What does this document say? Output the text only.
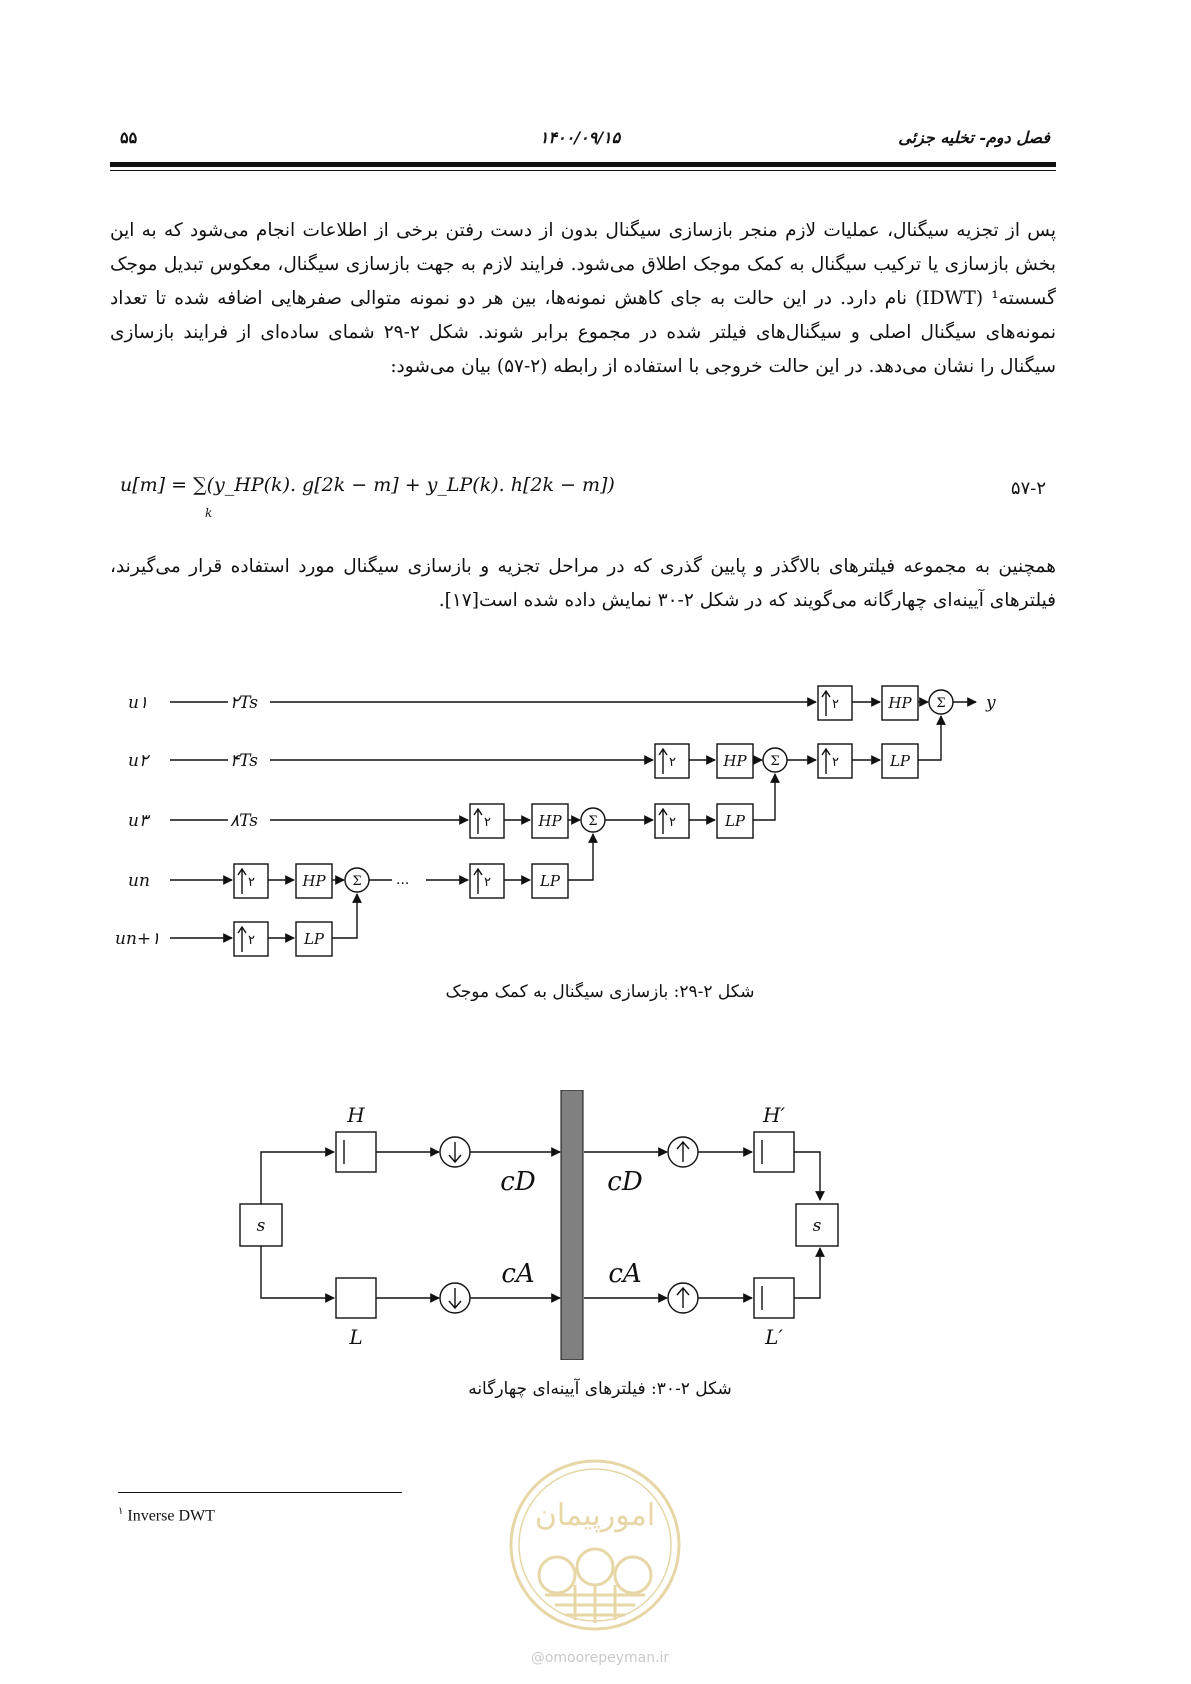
فصل دوم- تخلیه جزئی
۱۴۰۰/۰۹/۱۵
۵۵
پس از تجزیه سیگنال، عملیات لازم منجر بازسازی سیگنال بدون از دست رفتن برخی از اطلاعات انجام می‌شود که به این بخش بازسازی یا ترکیب سیگنال به کمک موجک اطلاق می‌شود. فرایند لازم به جهت بازسازی سیگنال، معکوس تبدیل موجک گسسته¹ (IDWT) نام دارد. در این حالت به جای کاهش نمونه‌ها، بین هر دو نمونه متوالی صفرهایی اضافه شده تا تعداد نمونه‌های سیگنال اصلی و سیگنال‌های فیلتر شده در مجموع برابر شوند. شکل ۲-۲۹ شمای ساده‌ای از فرایند بازسازی سیگنال را نشان می‌دهد. در این حالت خروجی با استفاده از رابطه (۲-۵۷) بیان می‌شود:
u[m] = ∑(y_HP(k). g[2k − m] + y_LP(k). h[2k − m])
k
۵۷-۲
همچنین به مجموعه فیلترهای بالاگذر و پایین گذری که در مراحل تجزیه و بازسازی سیگنال مورد استفاده قرار می‌گیرند، فیلترهای آیینه‌ای چهارگانه می‌گویند که در شکل ۲-۳۰ نمایش داده شده است[۱۷].
u۱
u۲
u۳
un
un+۱
۲Ts
۴Ts
۸Ts
y
۲
۲
۲
۲
۲
۲
۲
۲
HP
LP
HP
LP
HP
LP
HP
LP
Σ
Σ
Σ
Σ ...
شکل ۲-۲۹: بازسازی سیگنال به کمک موجک
s	s
H
L
H′
L′
cD
cA
cD
cA
شکل ۲-۳۰: فیلترهای آیینه‌ای چهارگانه
$^۱$ Inverse DWT	امورپیمان
@omoorepeyman.ir
